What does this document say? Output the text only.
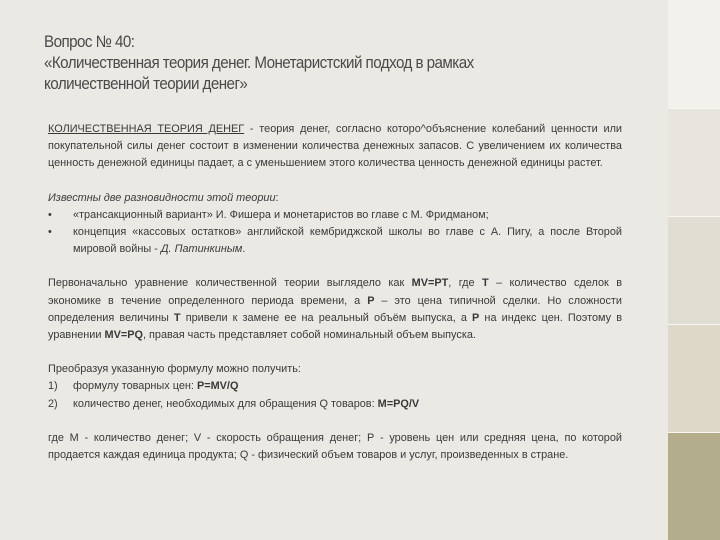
Вопрос № 40:
«Количественная теория денег. Монетаристский подход в рамках
количественной теории денег»

КОЛИЧЕСТВЕННАЯ ТЕОРИЯ ДЕНЕГ - теория денег, согласно которо^объяснение колебаний ценности или покупательной силы денег состоит в изменении количества денежных запасов. С увеличением их количества ценность денежной единицы падает, а с уменьшением этого количества ценность денежной единицы растет.

Известны две разновидности этой теории:

•	«трансакционный вариант» И. Фишера и монетаристов во главе с М. Фридманом;
•	концепция «кассовых остатков» английской кембриджской школы во главе с А. Пигу, а после Второй мировой войны - Д. Патинкиным.

Первоначально уравнение количественной теории выглядело как MV=PT, где Т – количество сделок в экономике в течение определенного периода времени, а Р – это цена типичной сделки. Но сложности определения величины Т привели к замене ее на реальный объём выпуска, а Р на индекс цен. Поэтому в уравнении MV=PQ, правая часть представляет собой номинальный объем выпуска.

Преобразуя указанную формулу можно получить:

1)	формулу товарных цен: P=MV/Q
2)	количество денег, необходимых для обращения Q товаров: M=PQ/V

где М - количество денег; V - скорость обращения денег; Р - уровень цен или средняя цена, по которой продается каждая единица продукта; Q - физический объем товаров и услуг, произведенных в стране.
